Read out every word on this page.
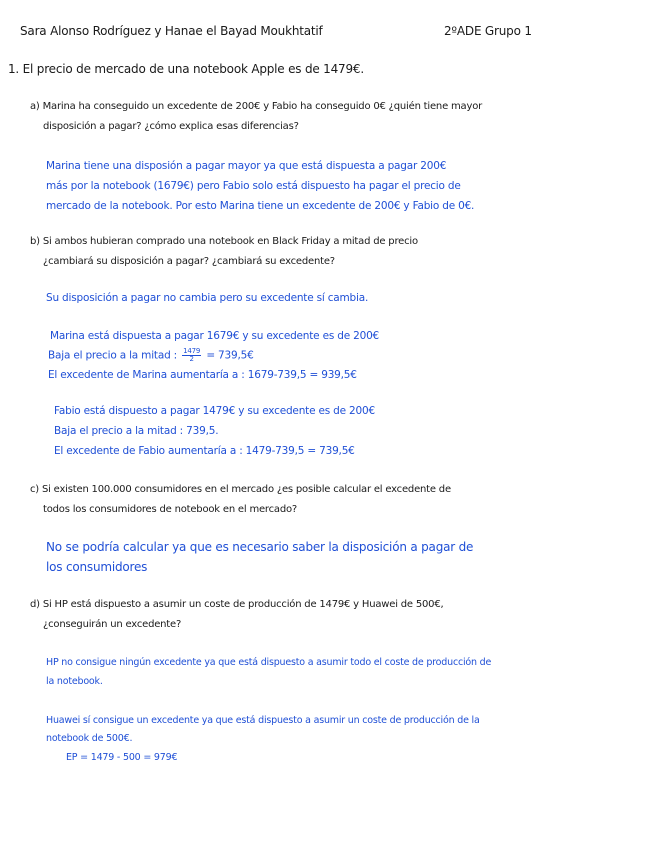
Sara Alonso Rodríguez y Hanae el Bayad Moukhtatif	2ºADE Grupo 1
1. El precio de mercado de una notebook Apple es de 1479€.
a) Marina ha conseguido un excedente de 200€ y Fabio ha conseguido 0€ ¿quién tiene mayor
disposición a pagar? ¿cómo explica esas diferencias?
Marina tiene una disposión a pagar mayor ya que está dispuesta a pagar 200€
más por la notebook (1679€) pero Fabio solo está dispuesto ha pagar el precio de
mercado de la notebook. Por esto Marina tiene un excedente de 200€ y Fabio de 0€.
b) Si ambos hubieran comprado una notebook en Black Friday a mitad de precio
¿cambiará su disposición a pagar? ¿cambiará su excedente?
Su disposición a pagar no cambia pero su excedente sí cambia.
Marina está dispuesta a pagar 1679€ y su excedente es de 200€
Baja el precio a la mitad : $\frac{1479}{2}$ = 739,5€
El excedente de Marina aumentaría a : 1679-739,5 = 939,5€
Fabio está dispuesto a pagar 1479€ y su excedente es de 200€
Baja el precio a la mitad : 739,5.
El excedente de Fabio aumentaría a : 1479-739,5 = 739,5€
c) Si existen 100.000 consumidores en el mercado ¿es posible calcular el excedente de
todos los consumidores de notebook en el mercado?
No se podría calcular ya que es necesario saber la disposición a pagar de
los consumidores
d) Si HP está dispuesto a asumir un coste de producción de 1479€ y Huawei de 500€,
¿conseguirán un excedente?
HP no consigue ningún excedente ya que está dispuesto a asumir todo el coste de producción de
la notebook.
Huawei sí consigue un excedente ya que está dispuesto a asumir un coste de producción de la
notebook de 500€.
EP = 1479 - 500 = 979€
